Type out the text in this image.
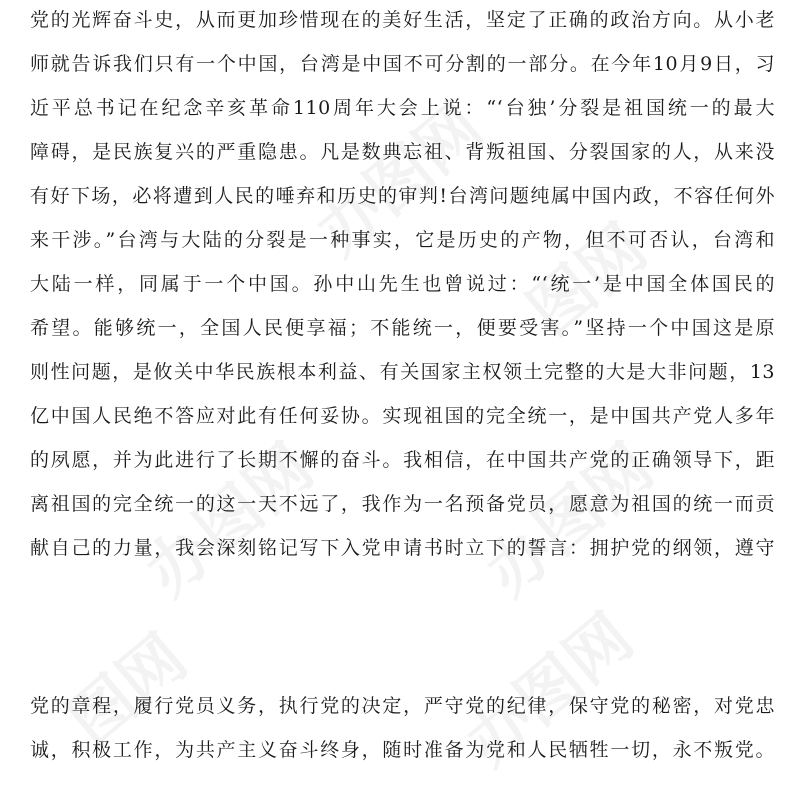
办图网
图网
办图网 办图网
图网	办图网
党的光辉奋斗史，从而更加珍惜现在的美好生活，坚定了正确的政治方向。从小老
师就告诉我们只有一个中国，台湾是中国不可分割的一部分。在今年10月9日，习
近平总书记在纪念辛亥革命110周年大会上说：“‘台独’分裂是祖国统一的最大
障碍，是民族复兴的严重隐患。凡是数典忘祖、背叛祖国、分裂国家的人，从来没
有好下场，必将遭到人民的唾弃和历史的审判!台湾问题纯属中国内政，不容任何外
来干涉。”台湾与大陆的分裂是一种事实，它是历史的产物，但不可否认，台湾和
大陆一样，同属于一个中国。孙中山先生也曾说过：“‘统一’是中国全体国民的
希望。能够统一，全国人民便享福；不能统一，便要受害。”坚持一个中国这是原
则性问题，是攸关中华民族根本利益、有关国家主权领土完整的大是大非问题，13
亿中国人民绝不答应对此有任何妥协。实现祖国的完全统一，是中国共产党人多年
的夙愿，并为此进行了长期不懈的奋斗。我相信，在中国共产党的正确领导下，距
离祖国的完全统一的这一天不远了，我作为一名预备党员，愿意为祖国的统一而贡
献自己的力量，我会深刻铭记写下入党申请书时立下的誓言：拥护党的纲领，遵守
党的章程，履行党员义务，执行党的决定，严守党的纪律，保守党的秘密，对党忠
诚，积极工作，为共产主义奋斗终身，随时准备为党和人民牺牲一切，永不叛党。
